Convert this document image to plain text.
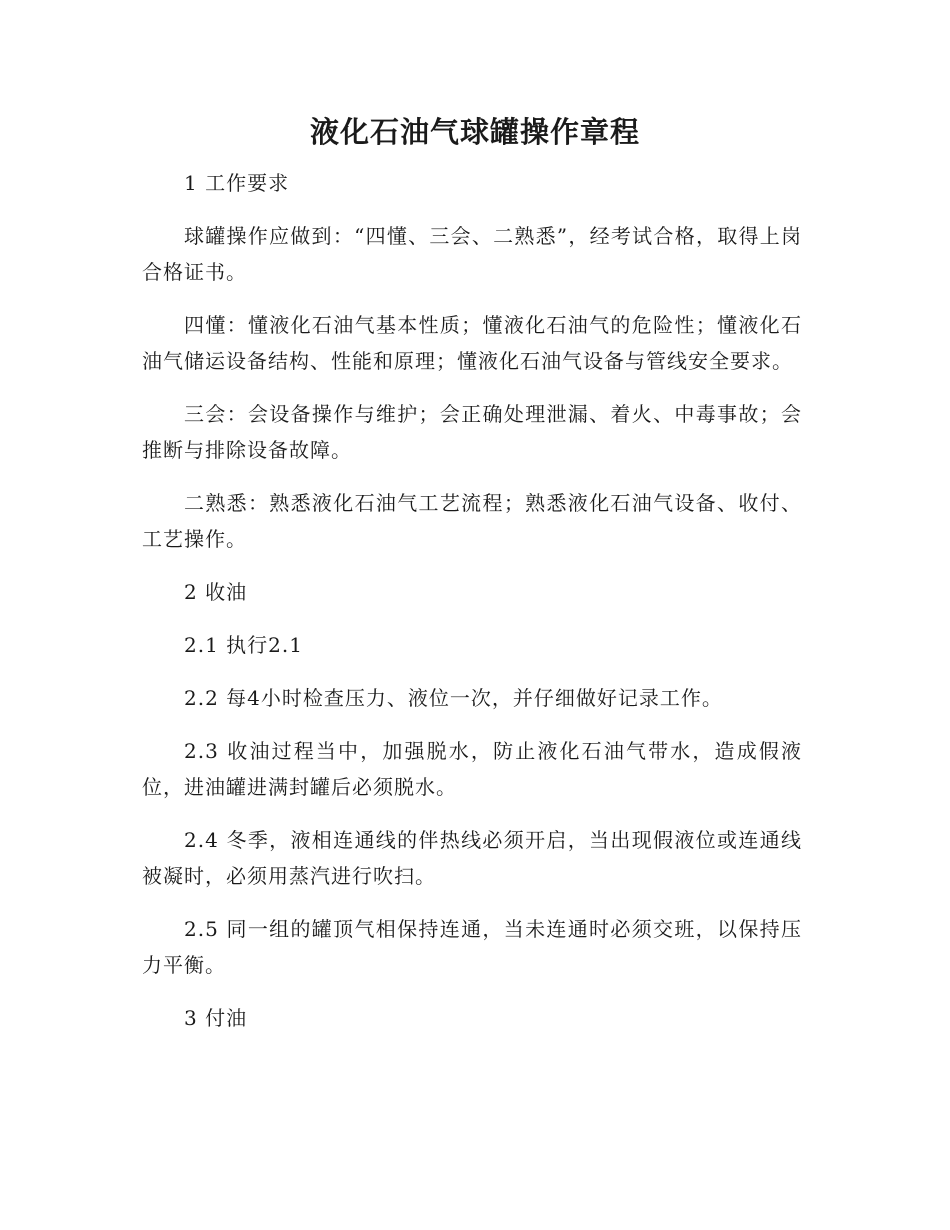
液化石油气球罐操作章程

1 工作要求

球罐操作应做到：“四懂、三会、二熟悉”，经考试合格，取得上岗合格证书。

四懂：懂液化石油气基本性质；懂液化石油气的危险性；懂液化石油气储运设备结构、性能和原理；懂液化石油气设备与管线安全要求。

三会：会设备操作与维护；会正确处理泄漏、着火、中毒事故；会推断与排除设备故障。

二熟悉：熟悉液化石油气工艺流程；熟悉液化石油气设备、收付、工艺操作。

2 收油

2.1 执行2.1

2.2 每4小时检查压力、液位一次，并仔细做好记录工作。

2.3 收油过程当中，加强脱水，防止液化石油气带水，造成假液位，进油罐进满封罐后必须脱水。

2.4 冬季，液相连通线的伴热线必须开启，当出现假液位或连通线被凝时，必须用蒸汽进行吹扫。

2.5 同一组的罐顶气相保持连通，当未连通时必须交班，以保持压力平衡。

3 付油
